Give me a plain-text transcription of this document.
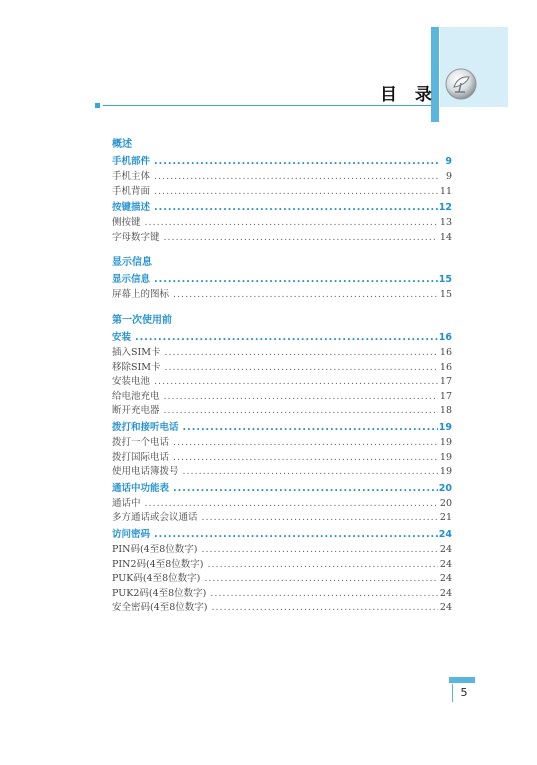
目 录
概述
手机部件 .....	9
手机主体 .....	9
手机背面 .....	11
按键描述 .....	12
侧按键 .....	13
字母数字键 .....	14
显示信息
显示信息 .....	15
屏幕上的图标 .....	15
第一次使用前
安装 .....	16
插入SIM卡 .....	16
移除SIM卡 .....	16
安装电池 .....	17
给电池充电 .....	17
断开充电器 .....	18
拨打和接听电话 .....	19
拨打一个电话 .....	19
拨打国际电话 .....	19
使用电话簿拨号 .....	19
通话中功能表 .....	20
通话中 .....	20
多方通话或会议通话 .....	21
访问密码 .....	24
PIN码(4至8位数字) .....	24
PIN2码(4至8位数字) .....	24
PUK码(4至8位数字) .....	24
PUK2码(4至8位数字) .....	24
安全密码(4至8位数字) .....	24
5
